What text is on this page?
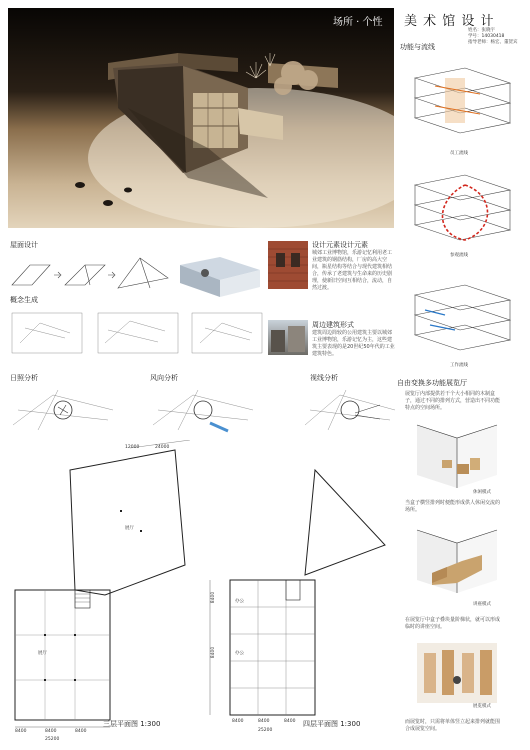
场所 · 个性 美 术 馆 设 计
姓名：张晓宇
学号：14030418
指导老师：杨宏、董贺宾
功能与流线
员工流线
参观流线
工作流线
屋面设计
概念生成
设计元素设计元素
城郊工业博物馆，乐游记忆利用老工业建筑的钢筋结构，厂房的高大空间，瓶星结构等结合与现代建筑相结合，传承了老建筑与生命来的历史剧理，使新旧空间互相结合，流动，自然过渡。
周边建筑形式
建筑周边简较的公用建筑主要以城郊工业博物馆，乐游记忆为主，这些建筑主要表现的是20世纪50年代的工业建筑特色。
日照分析	风向分析	视线分析
自由变换多功能展览厅
展览厅内部提供若干个大小相同的木制盒子，通过不同的排列方式，营造出不同功能特点的空间场所。
休闲模式
当盒子横竖排列时便能形成供人休闲交流的场所。
讲座模式
在展览厅中盒子叠块量阶梯状，就可以形成临时的讲座空间。
展览模式
而展览时，只需将单体竖立起来排列就能围合成展览空间。
12000	24000
展厅
展厅
8400	8400	8400
25200
三层平面图 1:300
办公
办公
8400
8400
8400	8400	8400
25200
四层平面图 1:300
